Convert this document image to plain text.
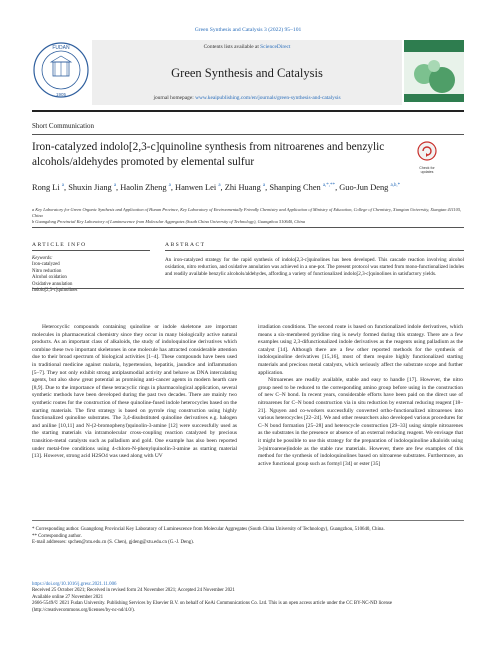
Green Synthesis and Catalysis 3 (2022) 95–101
FUDAN
1905
Contents lists available at ScienceDirect
Green Synthesis and Catalysis
journal homepage: www.keaipublishing.com/en/journals/green-synthesis-and-catalysis
Short Communication
Iron-catalyzed indolo[2,3-c]quinoline synthesis from nitroarenes and benzylic alcohols/aldehydes promoted by elemental sulfur
Check for updates
Rong Li $^a$, Shuxin Jiang $^a$, Haolin Zheng $^a$, Hanwen Lei $^a$, Zhi Huang $^a$, Shanping Chen $^{a,*,**}$, Guo-Jun Deng $^{a,b,*}$
a Key Laboratory for Green Organic Synthesis and Application of Hunan Province, Key Laboratory of Environmentally Friendly Chemistry and Application of Ministry of Education, College of Chemistry, Xiangtan University, Xiangtan 411105, China
b Guangdong Provincial Key Laboratory of Luminescence from Molecular Aggregates (South China University of Technology), Guangzhou 510640, China
ARTICLE INFO	ABSTRACT
Keywords:
Iron-catalyzed
Nitro reduction
Alcohol oxidation
Oxidative annulation
Indolo[2,3-c]quinolines
An iron-catalyzed strategy for the rapid synthesis of indolo[2,3-c]quinolines has been developed. This cascade reaction involving alcohol oxidation, nitro reduction, and oxidative annulation was achieved in a one-pot. The present protocol was started from mono-functionalized indoles and readily available benzylic alcohols/aldehydes, affording a variety of functionalized indolo[2,3-c]quinolines in satisfactory yields.
Heterocyclic compounds containing quinoline or indole skeletone are important molecules in pharmaceutical chemistry since they occur in many biologically active natural products. As an important class of alkaloids, the study of indoloquinoline derivatives which combine these two important skeletones in one molecule has attracted considerable attention due to their broad spectrum of biological activities [1–4]. These compounds have been used in traditional medicine against malaria, hypertension, hepatitis, jaundice and inflammation [5–7]. They not only exhibit strong antiplasmodial activity and behave as DNA intercalating agents, but also show great potential as promising anti-cancer agents in modern hearth care [8,9]. Due to the importance of these tetracyclic rings in pharmacological application, several synthetic methods have been developed during the past two decades. There are mainly two synthetic routes for the construction of these quinoline-fused indole heterocycles based on the starting materials. The first strategy is based on pyrrole ring construction using highly functionalized quinoline substrates. The 3,4-disubstituted quinoline derivatives e.g. halogen and aniline [10,11] and N-(2-bromophenyl)quinolin-3-amine [12] were successfully used as the starting materials via intramolecular cross-coupling reaction catalyzed by precious transition-metal catalysts such as palladium and gold. One example has also been reported under metal-free conditions using 4-chloro-N-phenylquinolin-3-amine as starting material [13]. However, strong acid H2SO4 was used along with UV

irradiation conditions. The second route is based on functionalized indole derivatives, which means a six-membered pyridine ring is newly formed during this strategy. There are a few examples using 2,3-difunctionalized indole derivatives as the reagents using palladium as the catalyst [14]. Although there are a few other reported methods for the synthesis of indoloquinoline derivatives [15,16], most of them require highly functionalized starting materials and precious metal catalysts, which seriously affect the substrate scope and further application.

Nitroarenes are readily available, stable and easy to handle [17]. However, the nitro group need to be reduced to the corresponding amino group before using in the construction of new C–N bond. In recent years, considerable efforts have been paid on the direct use of nitroarenes for C–N bond construction via in situ reduction by external reducing reagent [18–21]. Nguyen and co-workers successfully converted ortho-functionalized nitroarenes into various heterocycles [22–24]. We and other researchers also developed various procedures for C–N bond formation [25–28] and heterocycle construction [29–33] using simple nitroarenes as the substrates in the presence or absence of an external reducing reagent. We envisage that it might be possible to use this strategy for the preparation of indoloquinoline alkaloids using 3-(nitroarene)indole as the stable raw materials. However, there are few examples of this method for the synthesis of indoloquinolines based on nitroarene substrates. Furthermore, an active functional group such as formyl [34] or ester [35]

* Corresponding author. Guangdong Provincial Key Laboratory of Luminescence from Molecular Aggregates (South China University of Technology), Guangzhou, 510640, China.

** Corresponding author.

E-mail addresses: spchen@xtu.edu.cn (S. Chen), gjdeng@xtu.edu.cn (G.-J. Deng).

https://doi.org/10.1016/j.gresc.2021.11.006

Received 25 October 2021; Received in revised form 24 November 2021; Accepted 24 November 2021

Available online 27 November 2021

2666-5549/© 2021 Fudan University. Publishing Services by Elsevier B.V. on behalf of KeAi Communications Co. Ltd. This is an open access article under the CC BY-NC-ND license (http://creativecommons.org/licenses/by-nc-nd/4.0/).
